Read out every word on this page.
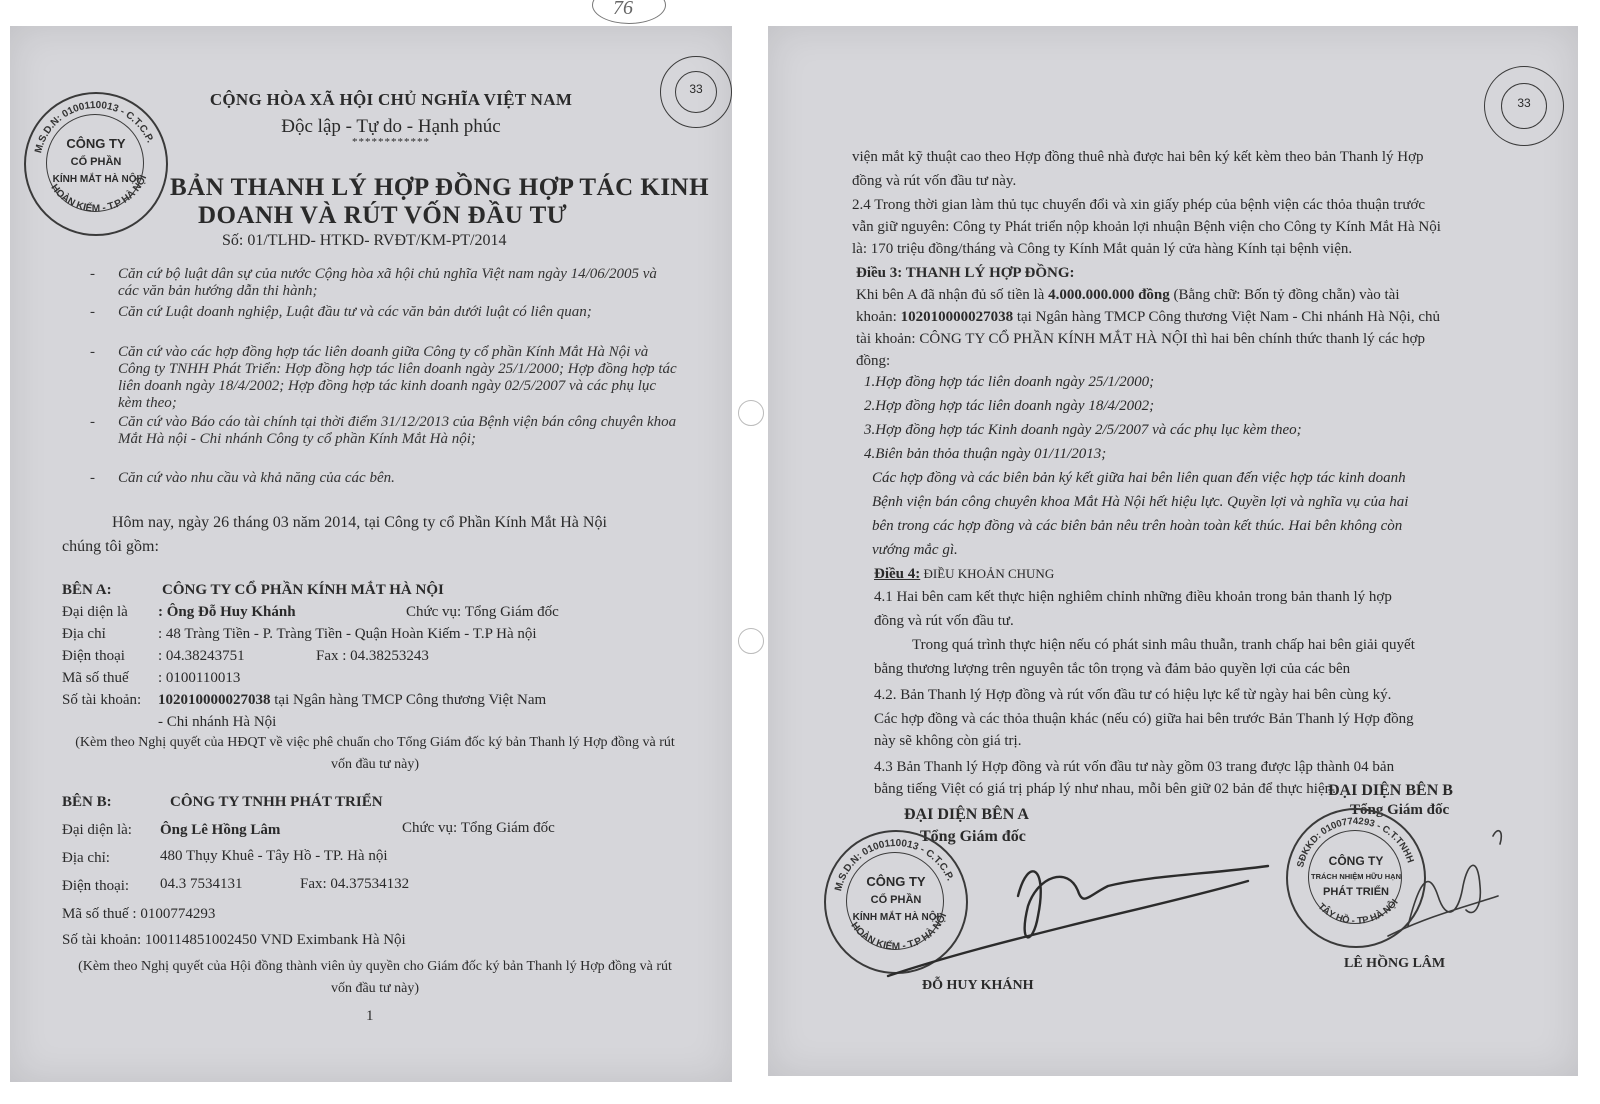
76
M.S.D.N: 0100110013 - C.T.C.P.
HOÀN KIẾM - T.P HÀ NỘI
CÔNG TY
CỔ PHẦN
KÍNH MẮT HÀ NỘI
33
CỘNG HÒA XÃ HỘI CHỦ NGHĨA VIỆT NAM
Độc lập - Tự do - Hạnh phúc
************
BẢN THANH LÝ HỢP ĐỒNG HỢP TÁC KINH
DOANH VÀ RÚT VỐN ĐẦU TƯ
Số: 01/TLHD- HTKD- RVĐT/KM-PT/2014
- Căn cứ bộ luật dân sự của nước Cộng hòa xã hội chủ nghĩa Việt nam ngày 14/06/2005 và các văn bản hướng dẫn thi hành;
- Căn cứ Luật doanh nghiệp, Luật đầu tư và các văn bản dưới luật có liên quan;
- Căn cứ vào các hợp đồng hợp tác liên doanh giữa Công ty cổ phần Kính Mắt Hà Nội và Công ty TNHH Phát Triển: Hợp đồng hợp tác liên doanh ngày 25/1/2000; Hợp đồng hợp tác liên doanh ngày 18/4/2002; Hợp đồng hợp tác kinh doanh ngày 02/5/2007 và các phụ lục kèm theo;
- Căn cứ vào Báo cáo tài chính tại thời điểm 31/12/2013 của Bệnh viện bán công chuyên khoa Mắt Hà nội - Chi nhánh Công ty cổ phần Kính Mắt Hà nội;
- Căn cứ vào nhu cầu và khả năng của các bên.
Hôm nay, ngày 26 tháng 03 năm 2014, tại Công ty cổ Phần Kính Mắt Hà Nội
chúng tôi gồm:
BÊN A:	CÔNG TY CỔ PHẦN KÍNH MẮT HÀ NỘI
Đại diện là : Ông Đỗ Huy Khánh	Chức vụ: Tổng Giám đốc
Địa chỉ	: 48 Tràng Tiền - P. Tràng Tiền - Quận Hoàn Kiếm - T.P Hà nội
Điện thoại : 04.38243751	Fax : 04.38253243
Mã số thuế : 0100110013
Số tài khoản: 102010000027038 tại Ngân hàng TMCP Công thương Việt Nam
- Chi nhánh Hà Nội
(Kèm theo Nghị quyết của HĐQT về việc phê chuẩn cho Tổng Giám đốc ký bản Thanh lý Hợp đồng và rút vốn đầu tư này)
BÊN B:	CÔNG TY TNHH PHÁT TRIỂN
Đại diện là: Ông Lê Hồng Lâm	Chức vụ: Tổng Giám đốc
Địa chỉ:	480 Thụy Khuê - Tây Hồ - TP. Hà nội
Điện thoại: 04.3 7534131	Fax: 04.37534132
Mã số thuế : 0100774293
Số tài khoản: 100114851002450 VND Eximbank Hà Nội
(Kèm theo Nghị quyết của Hội đồng thành viên ủy quyền cho Giám đốc ký bản Thanh lý Hợp đồng và rút vốn đầu tư này)
1
33
viện mắt kỹ thuật cao theo Hợp đồng thuê nhà được hai bên ký kết kèm theo bản Thanh lý Hợp
đồng và rút vốn đầu tư này.
2.4 Trong thời gian làm thủ tục chuyển đổi và xin giấy phép của bệnh viện các thỏa thuận trước
vẫn giữ nguyên: Công ty Phát triển nộp khoản lợi nhuận Bệnh viện cho Công ty Kính Mắt Hà Nội
là: 170 triệu đồng/tháng và Công ty Kính Mắt quản lý cửa hàng Kính tại bệnh viện.
Điều 3: THANH LÝ HỢP ĐỒNG:
Khi bên A đã nhận đủ số tiền là 4.000.000.000 đồng (Bằng chữ: Bốn tỷ đồng chẵn) vào tài
khoản: 102010000027038 tại Ngân hàng TMCP Công thương Việt Nam - Chi nhánh Hà Nội, chủ
tài khoản: CÔNG TY CỔ PHẦN KÍNH MẮT HÀ NỘI thì hai bên chính thức thanh lý các hợp
đồng:
1.Hợp đồng hợp tác liên doanh ngày 25/1/2000;
2.Hợp đồng hợp tác liên doanh ngày 18/4/2002;
3.Hợp đồng hợp tác Kinh doanh ngày 2/5/2007 và các phụ lục kèm theo;
4.Biên bản thỏa thuận ngày 01/11/2013;
Các hợp đồng và các biên bản ký kết giữa hai bên liên quan đến việc hợp tác kinh doanh
Bệnh viện bán công chuyên khoa Mắt Hà Nội hết hiệu lực. Quyền lợi và nghĩa vụ của hai
bên trong các hợp đồng và các biên bản nêu trên hoàn toàn kết thúc. Hai bên không còn
vướng mắc gì.
Điều 4: ĐIỀU KHOẢN CHUNG
4.1 Hai bên cam kết thực hiện nghiêm chỉnh những điều khoản trong bản thanh lý hợp
đồng và rút vốn đầu tư.
Trong quá trình thực hiện nếu có phát sinh mâu thuẫn, tranh chấp hai bên giải quyết
bằng thương lượng trên nguyên tắc tôn trọng và đảm bảo quyền lợi của các bên
4.2. Bản Thanh lý Hợp đồng và rút vốn đầu tư có hiệu lực kể từ ngày hai bên cùng ký.
Các hợp đồng và các thỏa thuận khác (nếu có) giữa hai bên trước Bản Thanh lý Hợp đồng
này sẽ không còn giá trị.
4.3 Bản Thanh lý Hợp đồng và rút vốn đầu tư này gồm 03 trang được lập thành 04 bản
bằng tiếng Việt có giá trị pháp lý như nhau, mỗi bên giữ 02 bản để thực hiện.
ĐẠI DIỆN BÊN A
Tổng Giám đốc
M.S.D.N: 0100110013 - C.T.C.P.
HOÀN KIẾM - T.P HÀ NỘI
CÔNG TY
CỔ PHẦN
KÍNH MẮT HÀ NỘI
ĐỖ HUY KHÁNH
ĐẠI DIỆN BÊN B
Tổng Giám đốc
SĐKKD: 0100774293 - C.T.TNHH
TÂY HỒ - TP HÀ NỘI
CÔNG TY
TRÁCH NHIỆM HỮU HẠN
PHÁT TRIỂN
LÊ HỒNG LÂM
